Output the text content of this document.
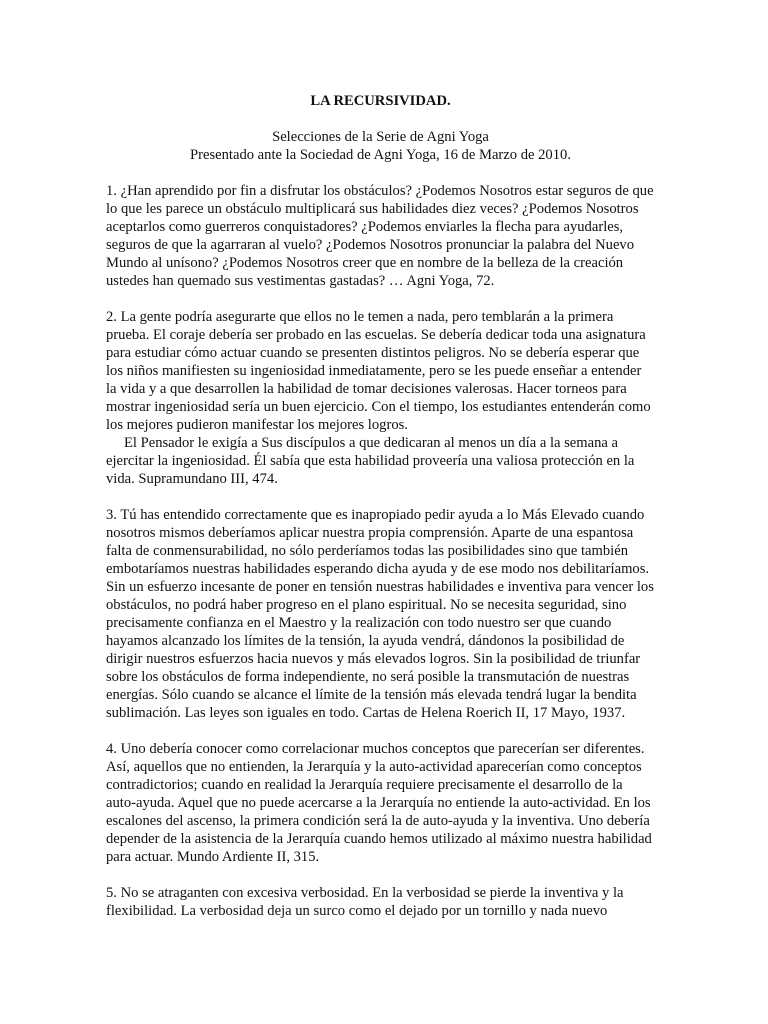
LA RECURSIVIDAD.

Selecciones de la Serie de Agni Yoga

Presentado ante la Sociedad de Agni Yoga, 16 de Marzo de 2010.

1. ¿Han aprendido por fin a disfrutar los obstáculos? ¿Podemos Nosotros estar seguros de que lo que les parece un obstáculo multiplicará sus habilidades diez veces? ¿Podemos Nosotros aceptarlos como guerreros conquistadores? ¿Podemos enviarles la flecha para ayudarles, seguros de que la agarraran al vuelo? ¿Podemos Nosotros pronunciar la palabra del Nuevo Mundo al unísono? ¿Podemos Nosotros creer que en nombre de la belleza de la creación ustedes han quemado sus vestimentas gastadas? … Agni Yoga, 72.

2. La gente podría asegurarte que ellos no le temen a nada, pero temblarán a la primera prueba. El coraje debería ser probado en las escuelas. Se debería dedicar toda una asignatura para estudiar cómo actuar cuando se presenten distintos peligros. No se debería esperar que los niños manifiesten su ingeniosidad inmediatamente, pero se les puede enseñar a entender la vida y a que desarrollen la habilidad de tomar decisiones valerosas. Hacer torneos para mostrar ingeniosidad sería un buen ejercicio. Con el tiempo, los estudiantes entenderán como los mejores pudieron manifestar los mejores logros.
El Pensador le exigía a Sus discípulos a que dedicaran al menos un día a la semana a ejercitar la ingeniosidad. Él sabía que esta habilidad proveería una valiosa protección en la vida. Supramundano III, 474.

3. Tú has entendido correctamente que es inapropiado pedir ayuda a lo Más Elevado cuando nosotros mismos deberíamos aplicar nuestra propia comprensión. Aparte de una espantosa falta de conmensurabilidad, no sólo perderíamos todas las posibilidades sino que también embotaríamos nuestras habilidades esperando dicha ayuda y de ese modo nos debilitaríamos. Sin un esfuerzo incesante de poner en tensión nuestras habilidades e inventiva para vencer los obstáculos, no podrá haber progreso en el plano espiritual. No se necesita seguridad, sino precisamente confianza en el Maestro y la realización con todo nuestro ser que cuando hayamos alcanzado los límites de la tensión, la ayuda vendrá, dándonos la posibilidad de dirigir nuestros esfuerzos hacia nuevos y más elevados logros. Sin la posibilidad de triunfar sobre los obstáculos de forma independiente, no será posible la transmutación de nuestras energías. Sólo cuando se alcance el límite de la tensión más elevada tendrá lugar la bendita sublimación. Las leyes son iguales en todo. Cartas de Helena Roerich II, 17 Mayo, 1937.

4. Uno debería conocer como correlacionar muchos conceptos que parecerían ser diferentes. Así, aquellos que no entienden, la Jerarquía y la auto-actividad aparecerían como conceptos contradictorios; cuando en realidad la Jerarquía requiere precisamente el desarrollo de la auto-ayuda. Aquel que no puede acercarse a la Jerarquía no entiende la auto-actividad. En los escalones del ascenso, la primera condición será la de auto-ayuda y la inventiva. Uno debería depender de la asistencia de la Jerarquía cuando hemos utilizado al máximo nuestra habilidad para actuar. Mundo Ardiente II, 315.

5. No se atraganten con excesiva verbosidad. En la verbosidad se pierde la inventiva y la flexibilidad. La verbosidad deja un surco como el dejado por un tornillo y nada nuevo
